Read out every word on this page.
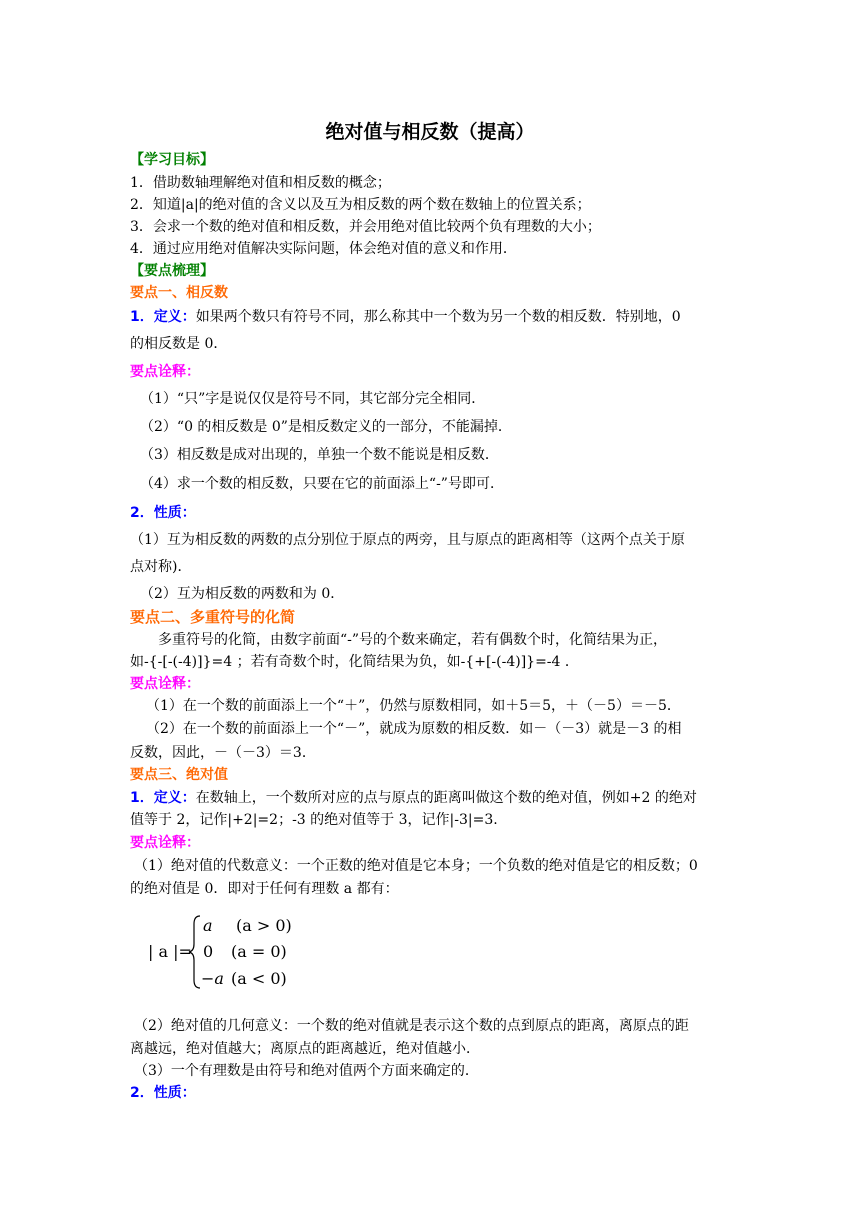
绝对值与相反数（提高）
【学习目标】
1．借助数轴理解绝对值和相反数的概念；
2．知道|a|的绝对值的含义以及互为相反数的两个数在数轴上的位置关系；
3．会求一个数的绝对值和相反数，并会用绝对值比较两个负有理数的大小；
4．通过应用绝对值解决实际问题，体会绝对值的意义和作用．
【要点梳理】
要点一、相反数
1．定义：如果两个数只有符号不同，那么称其中一个数为另一个数的相反数．特别地，0
的相反数是 0．
要点诠释：
（1）“只”字是说仅仅是符号不同，其它部分完全相同．
（2）“0 的相反数是 0”是相反数定义的一部分，不能漏掉．
（3）相反数是成对出现的，单独一个数不能说是相反数．
（4）求一个数的相反数，只要在它的前面添上“-”号即可．
2．性质：
（1）互为相反数的两数的点分别位于原点的两旁，且与原点的距离相等（这两个点关于原
点对称)．
（2）互为相反数的两数和为 0．
要点二、多重符号的化简
多重符号的化简，由数字前面“-”号的个数来确定，若有偶数个时，化简结果为正，
如-{-[-(-4)]}=4 ；若有奇数个时，化简结果为负，如-{+[-(-4)]}=-4 ．
要点诠释：
（1）在一个数的前面添上一个“＋”，仍然与原数相同，如＋5＝5，＋（－5）＝－5．
（2）在一个数的前面添上一个“－”，就成为原数的相反数．如－（－3）就是－3 的相
反数，因此，－（－3）＝3．
要点三、绝对值
1．定义：在数轴上，一个数所对应的点与原点的距离叫做这个数的绝对值，例如+2 的绝对
值等于 2，记作|+2|=2；-3 的绝对值等于 3，记作|-3|=3.
要点诠释：
（1）绝对值的代数意义：一个正数的绝对值是它本身；一个负数的绝对值是它的相反数；0
的绝对值是 0．即对于任何有理数 a 都有：
| a |=
a (a > 0)
0 (a = 0)
−a (a < 0)
（2）绝对值的几何意义：一个数的绝对值就是表示这个数的点到原点的距离，离原点的距
离越远，绝对值越大；离原点的距离越近，绝对值越小．
（3）一个有理数是由符号和绝对值两个方面来确定的．
2．性质：
